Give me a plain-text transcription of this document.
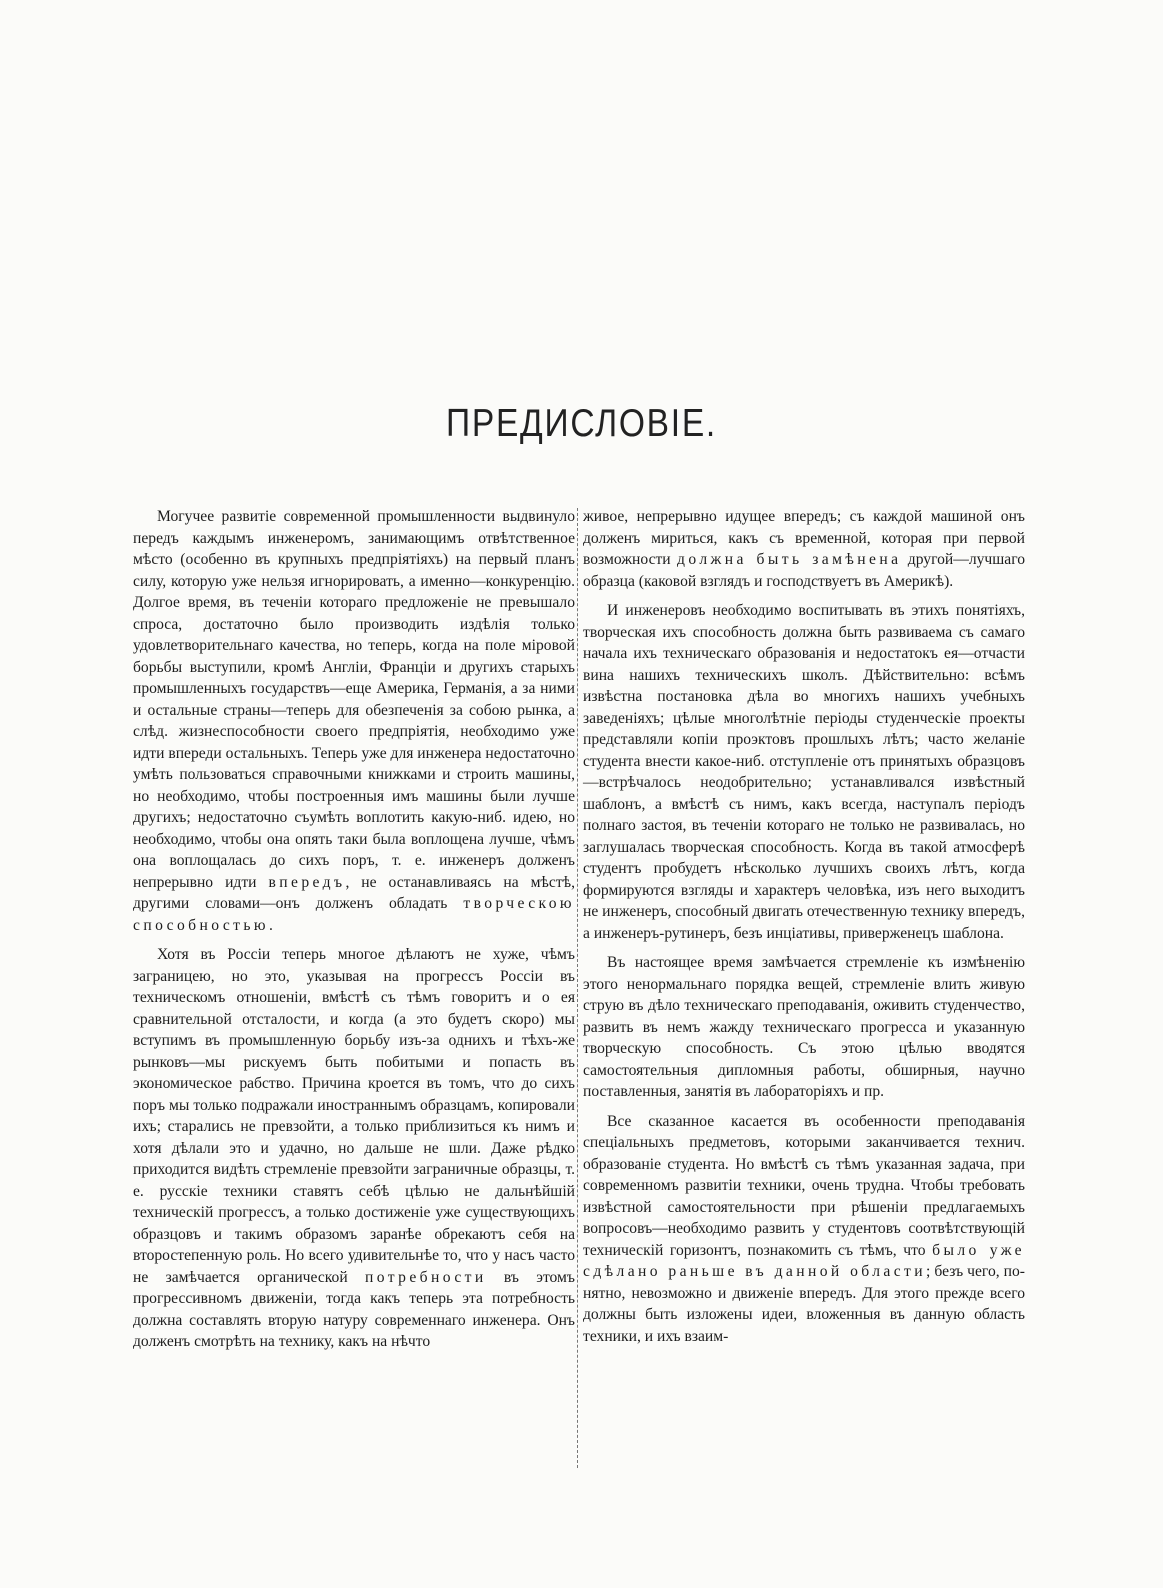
ПРЕДИСЛОВІЕ.

Могучее развитіе современной промышленности выдвинуло передъ каждымъ инженеромъ, занимающимъ отвѣтственное мѣсто (особенно въ крупныхъ предпріятіяхъ) на первый планъ силу, которую уже нельзя игнорировать, а именно—конкуренцію. Долгое время, въ теченіи котораго предложеніе не превышало спроса, достаточно было производить издѣлія только удовлетворительнаго качества, но теперь, когда на поле міровой борьбы выступили, кромѣ Англіи, Франціи и другихъ старыхъ промышленныхъ государствъ—еще Америка, Германія, а за ними и остальные страны—теперь для обезпеченія за собою рынка, а слѣд. жизнеспособности своего предпріятія, необходимо уже идти впереди остальныхъ. Теперь уже для инженера недостаточно умѣть пользоваться справочными книжками и строить машины, но необходимо, чтобы построенныя имъ машины были лучше другихъ; недостаточно съумѣть воплотить какую-ниб. идею, но необходимо, чтобы она опять таки была воплощена лучше, чѣмъ она воплощалась до сихъ поръ, т. е. инженеръ долженъ непрерывно идти впередъ, не останавливаясь на мѣстѣ, другими словами—онъ долженъ обладать творческою способностью.

Хотя въ Россіи теперь многое дѣлаютъ не хуже, чѣмъ заграницею, но это, указывая на прогрессъ Россіи въ техническомъ отношеніи, вмѣстѣ съ тѣмъ говоритъ и о ея сравнительной отсталости, и когда (а это будетъ скоро) мы вступимъ въ промышленную борьбу изъ-за однихъ и тѣхъ-же рынковъ—мы рискуемъ быть побитыми и попасть въ экономическое рабство. Причина кроется въ томъ, что до сихъ поръ мы только подражали иностраннымъ образцамъ, копировали ихъ; старались не превзойти, а только приблизиться къ нимъ и хотя дѣлали это и удачно, но дальше не шли. Даже рѣдко приходится видѣть стремленіе превзойти заграничные образцы, т. е. русскіе техники ставятъ себѣ цѣлью не дальнѣйшій техническій прогрессъ, а только достиженіе уже существующихъ образцовъ и такимъ образомъ заранѣе обрекаютъ себя на второстепенную роль. Но всего удивительнѣе то, что у насъ часто не замѣчается органической потребности въ этомъ прогрессивномъ движеніи, тогда какъ теперь эта потребность должна составлять вторую натуру современнаго инженера. Онъ долженъ смотрѣть на технику, какъ на нѣчто

живое, непрерывно идущее впередъ; съ каждой машиной онъ долженъ мириться, какъ съ временной, которая при первой возможности должна быть замѣнена другой—лучшаго образца (каковой взглядъ и господствуетъ въ Америкѣ).

И инженеровъ необходимо воспитывать въ этихъ понятіяхъ, творческая ихъ способность должна быть развиваема съ самаго начала ихъ техническаго образованія и недостатокъ ея—отчасти вина нашихъ техническихъ школъ. Дѣйствительно: всѣмъ извѣстна постановка дѣла во многихъ нашихъ учебныхъ заведеніяхъ; цѣлые многолѣтніе періоды студенческіе проекты представляли копіи проэктовъ прошлыхъ лѣтъ; часто желаніе студента внести какое-ниб. отступленіе отъ принятыхъ образцовъ—встрѣчалось неодобрительно; устанавливался извѣстный шаблонъ, а вмѣстѣ съ нимъ, какъ всегда, наступалъ періодъ полнаго застоя, въ теченіи котораго не только не развивалась, но заглушалась творческая способность. Когда въ такой атмосферѣ студентъ пробудетъ нѣсколько лучшихъ своихъ лѣтъ, когда формируются взгляды и характеръ человѣка, изъ него выходитъ не инженеръ, способный двигать отечественную технику впередъ, а инженеръ-рутинеръ, безъ инціативы, приверженецъ шаблона.

Въ настоящее время замѣчается стремленіе къ измѣненію этого ненормальнаго порядка вещей, стремленіе влить живую струю въ дѣло техническаго преподаванія, оживить студенчество, развить въ немъ жажду техническаго прогресса и указанную творческую способность. Съ этою цѣлью вводятся самостоятельныя дипломныя работы, обширныя, научно поставленныя, занятія въ лабораторіяхъ и пр.

Все сказанное касается въ особенности преподаванія спеціальныхъ предметовъ, которыми заканчивается технич. образованіе студента. Но вмѣстѣ съ тѣмъ указанная задача, при современномъ развитіи техники, очень трудна. Чтобы требовать извѣстной самостоятельности при рѣшеніи предлагаемыхъ вопросовъ—необходимо развить у студентовъ соотвѣтствующій техническій горизонтъ, познакомить съ тѣмъ, что было уже сдѣлано раньше въ данной области; безъ чего, понятно, невозможно и движеніе впередъ. Для этого прежде всего должны быть изложены идеи, вложенныя въ данную область техники, и ихъ взаим-
